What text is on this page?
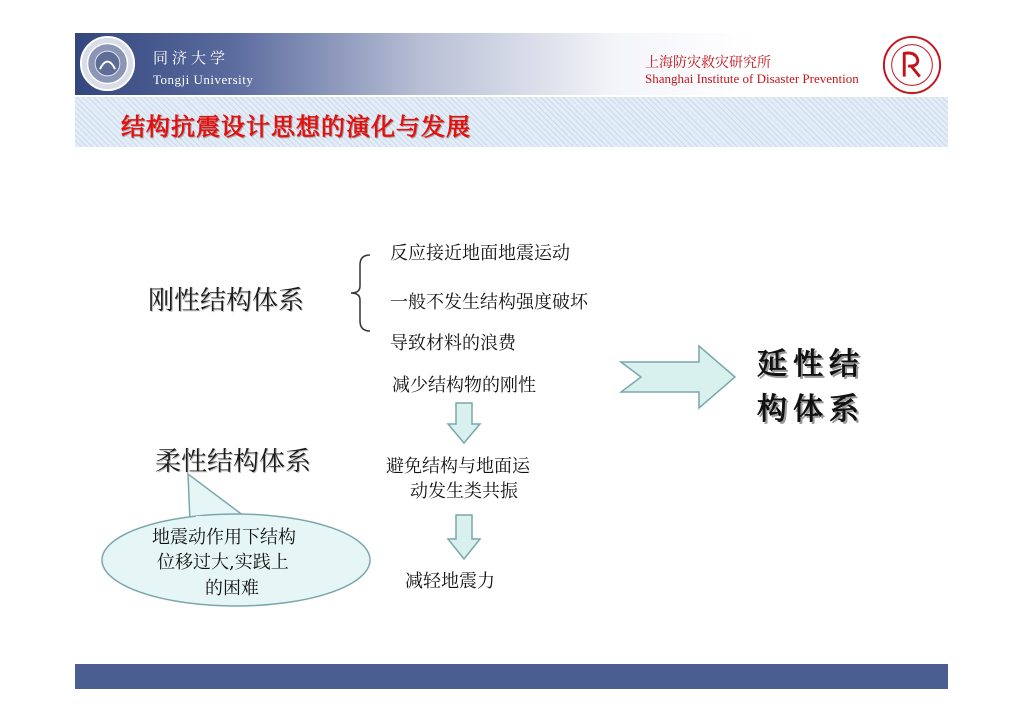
同济大学
Tongji University
上海防灾救灾研究所
Shanghai Institute of Disaster Prevention
结构抗震设计思想的演化与发展
刚性结构体系
反应接近地面地震运动
一般不发生结构强度破坏
导致材料的浪费
减少结构物的刚性
避免结构与地面运
动发生类共振
减轻地震力
延性结
构体系
柔性结构体系
地震动作用下结构
位移过大,实践上
的困难
